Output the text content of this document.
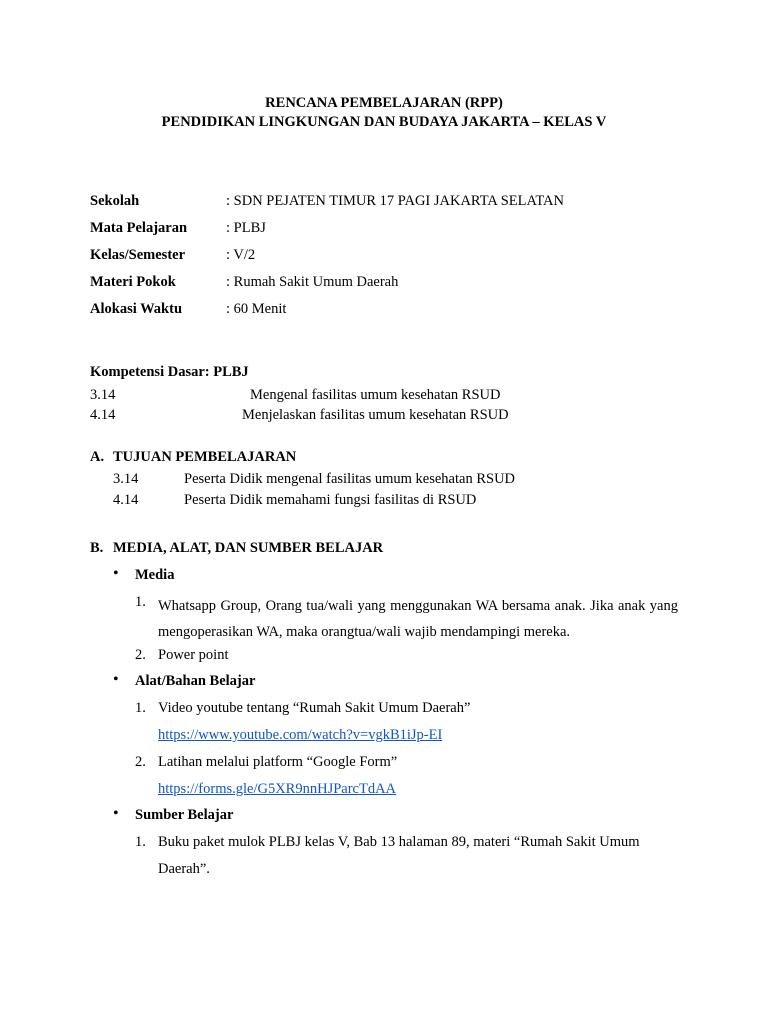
RENCANA PEMBELAJARAN (RPP)
PENDIDIKAN LINGKUNGAN DAN BUDAYA JAKARTA – KELAS V
Sekolah	: SDN PEJATEN TIMUR 17 PAGI JAKARTA SELATAN
Mata Pelajaran	: PLBJ
Kelas/Semester	: V/2
Materi Pokok	: Rumah Sakit Umum Daerah
Alokasi Waktu	: 60 Menit
Kompetensi Dasar: PLBJ
3.14	Mengenal fasilitas umum kesehatan RSUD
4.14	Menjelaskan fasilitas umum kesehatan RSUD
A. TUJUAN PEMBELAJARAN
3.14	Peserta Didik mengenal fasilitas umum kesehatan RSUD
4.14	Peserta Didik memahami fungsi fasilitas di RSUD
B. MEDIA, ALAT, DAN SUMBER BELAJAR
• Media
1. Whatsapp Group, Orang tua/wali yang menggunakan WA bersama anak. Jika anak yang mengoperasikan WA, maka orangtua/wali wajib mendampingi mereka.
2. Power point
• Alat/Bahan Belajar
1. Video youtube tentang “Rumah Sakit Umum Daerah”
https://www.youtube.com/watch?v=vgkB1iJp-EI
2. Latihan melalui platform “Google Form”
https://forms.gle/G5XR9nnHJParcTdAA
• Sumber Belajar
1. Buku paket mulok PLBJ kelas V, Bab 13 halaman 89, materi “Rumah Sakit Umum
Daerah”.
